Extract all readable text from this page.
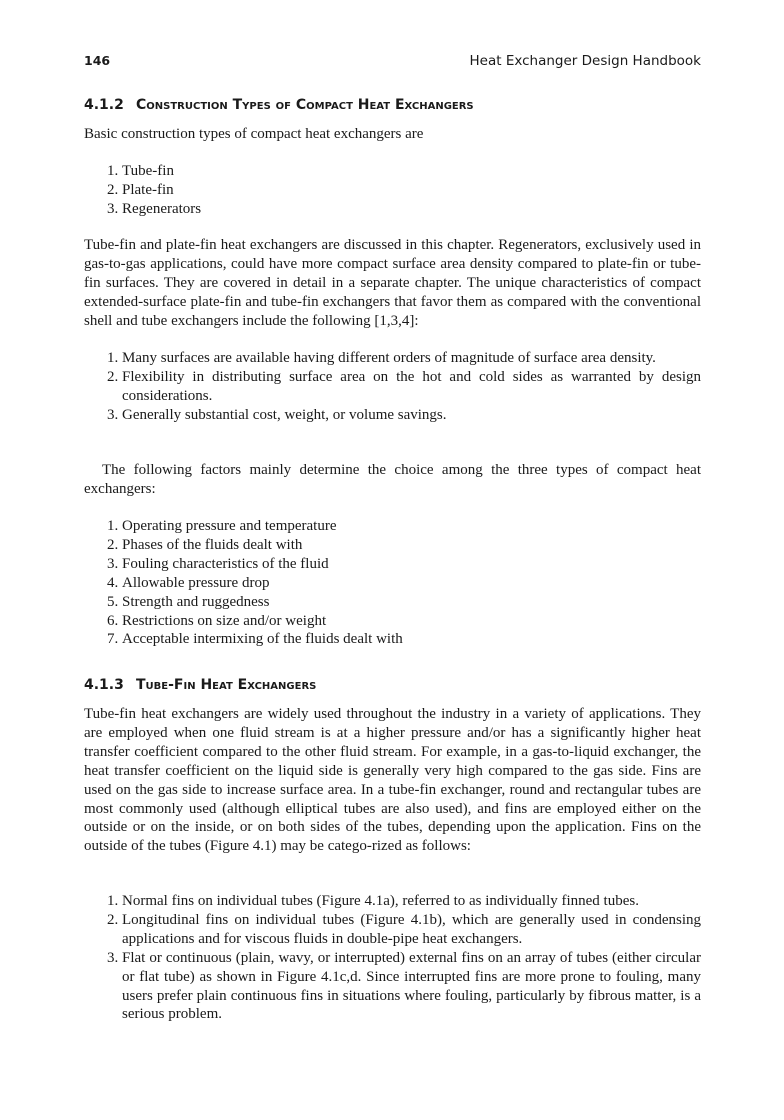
146	Heat Exchanger Design Handbook
4.1.2 Construction Types of Compact Heat Exchangers

Basic construction types of compact heat exchangers are

1. Tube-fin
2. Plate-fin
3. Regenerators

Tube-fin and plate-fin heat exchangers are discussed in this chapter. Regenerators, exclusively used in gas-to-gas applications, could have more compact surface area density compared to plate-fin or tube-fin surfaces. They are covered in detail in a separate chapter. The unique characteristics of compact extended-surface plate-fin and tube-fin exchangers that favor them as compared with the conventional shell and tube exchangers include the following [1,3,4]:

1. Many surfaces are available having different orders of magnitude of surface area density.
2. Flexibility in distributing surface area on the hot and cold sides as warranted by design considerations.
3. Generally substantial cost, weight, or volume savings.

The following factors mainly determine the choice among the three types of compact heat exchangers:

1. Operating pressure and temperature
2. Phases of the fluids dealt with
3. Fouling characteristics of the fluid
4. Allowable pressure drop
5. Strength and ruggedness
6. Restrictions on size and/or weight
7. Acceptable intermixing of the fluids dealt with
4.1.3 Tube-Fin Heat Exchangers

Tube-fin heat exchangers are widely used throughout the industry in a variety of applications. They are employed when one fluid stream is at a higher pressure and/or has a significantly higher heat transfer coefficient compared to the other fluid stream. For example, in a gas-to-liquid exchanger, the heat transfer coefficient on the liquid side is generally very high compared to the gas side. Fins are used on the gas side to increase surface area. In a tube-fin exchanger, round and rectangular tubes are most commonly used (although elliptical tubes are also used), and fins are employed either on the outside or on the inside, or on both sides of the tubes, depending upon the application. Fins on the outside of the tubes (Figure 4.1) may be catego-rized as follows:

1. Normal fins on individual tubes (Figure 4.1a), referred to as individually finned tubes.
2. Longitudinal fins on individual tubes (Figure 4.1b), which are generally used in condensing applications and for viscous fluids in double-pipe heat exchangers.
3. Flat or continuous (plain, wavy, or interrupted) external fins on an array of tubes (either circular or flat tube) as shown in Figure 4.1c,d. Since interrupted fins are more prone to fouling, many users prefer plain continuous fins in situations where fouling, particularly by fibrous matter, is a serious problem.
